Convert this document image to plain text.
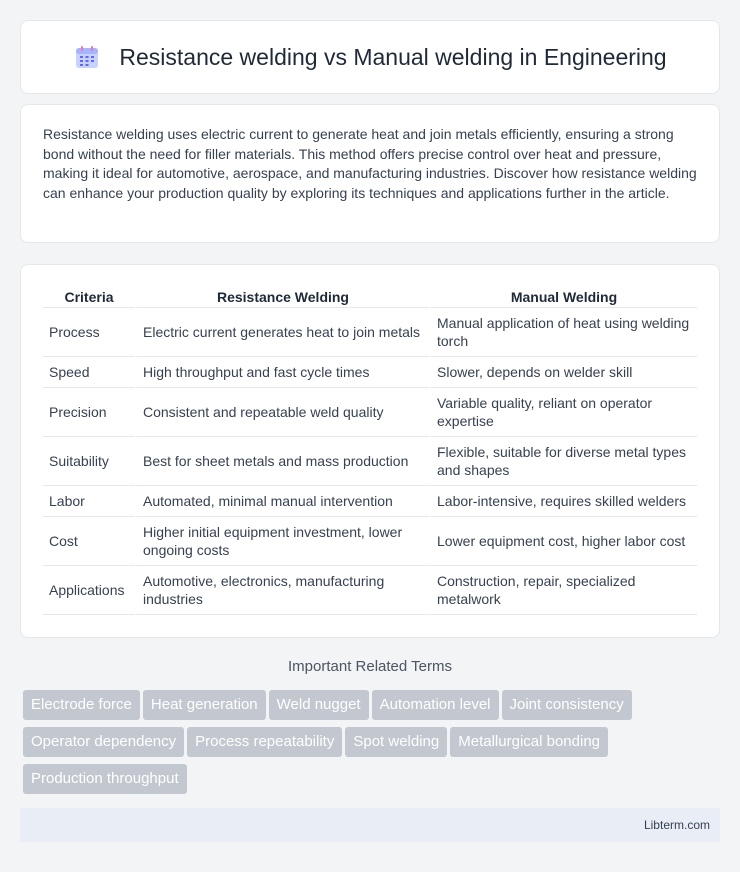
Resistance welding vs Manual welding in Engineering

Resistance welding uses electric current to generate heat and join metals efficiently, ensuring a strong bond without the need for filler materials. This method offers precise control over heat and pressure, making it ideal for automotive, aerospace, and manufacturing industries. Discover how resistance welding can enhance your production quality by exploring its techniques and applications further in the article.

Criteria	Resistance Welding	Manual Welding
Process	Electric current generates heat to join metals	Manual application of heat using welding torch
Speed	High throughput and fast cycle times	Slower, depends on welder skill
Precision	Consistent and repeatable weld quality	Variable quality, reliant on operator expertise
Suitability	Best for sheet metals and mass production	Flexible, suitable for diverse metal types and shapes
Labor	Automated, minimal manual intervention	Labor-intensive, requires skilled welders
Cost	Higher initial equipment investment, lower ongoing costs	Lower equipment cost, higher labor cost
Applications	Automotive, electronics, manufacturing industries	Construction, repair, specialized metalwork
Important Related Terms
Electrode force	Heat generation	Weld nugget	Automation level	Joint consistency
Operator dependency	Process repeatability	Spot welding	Metallurgical bonding
Production throughput
Libterm.com
